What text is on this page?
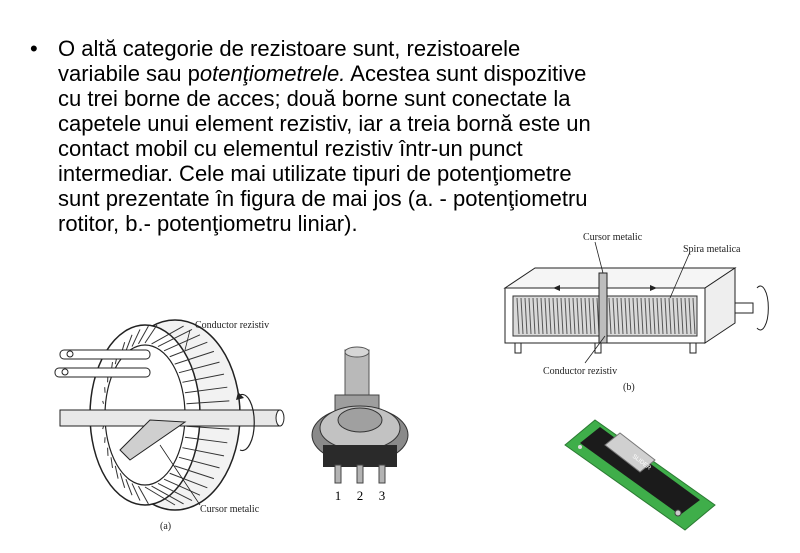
• O altă categorie de rezistoare sunt, rezistoarele
variabile sau potenţiometrele. Acestea sunt dispozitive
cu trei borne de acces; două borne sunt conectate la
capetele unui element rezistiv, iar a treia bornă este un
contact mobil cu elementul rezistiv într-un punct
intermediar. Cele mai utilizate tipuri de potenţiometre
sunt prezentate în figura de mai jos (a. - potenţiometru
rotitor, b.- potenţiometru liniar).
Conductor rezistiv
Cursor metalic
(a)
1 2 3
Cursor metalic
Spira metalica
Conductor rezistiv
(b)
SLIDER
